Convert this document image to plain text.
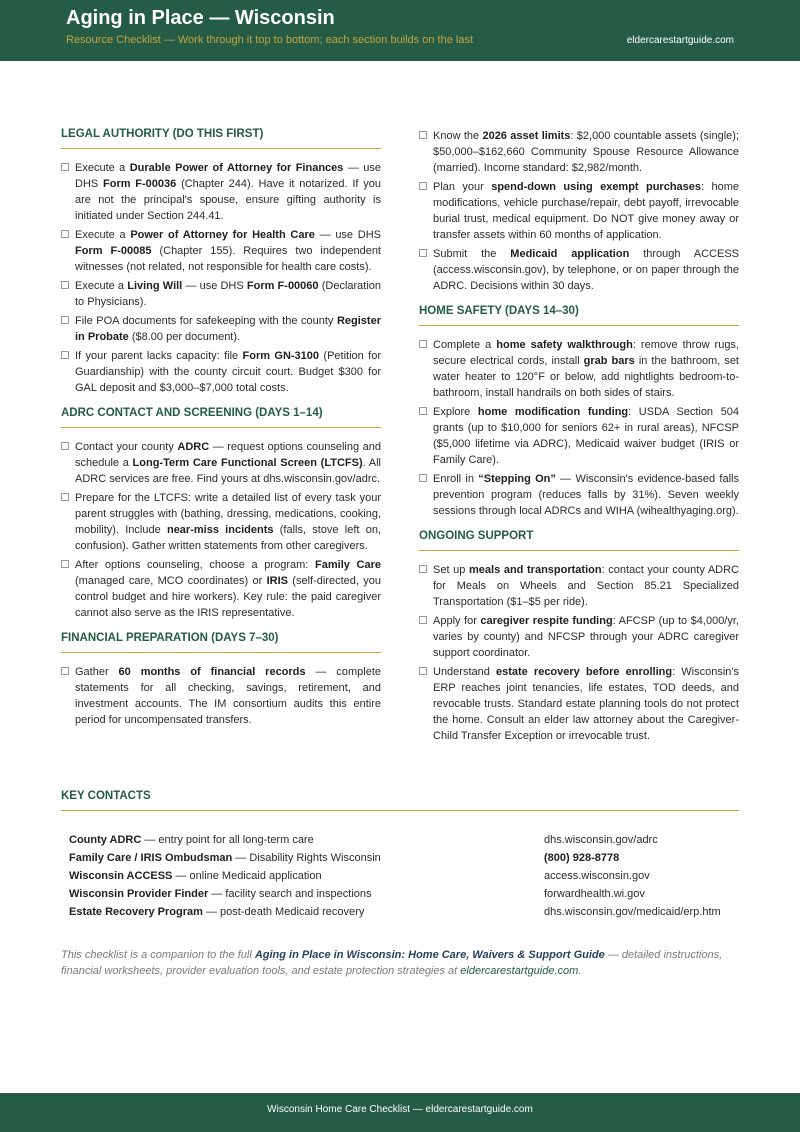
Aging in Place — Wisconsin
Resource Checklist — Work through it top to bottom; each section builds on the last	eldercarestartguide.com
LEGAL AUTHORITY (DO THIS FIRST)
Execute a Durable Power of Attorney for Finances — use DHS Form F-00036 (Chapter 244). Have it notarized. If you are not the principal's spouse, ensure gifting authority is initiated under Section 244.41.
Execute a Power of Attorney for Health Care — use DHS Form F-00085 (Chapter 155). Requires two independent witnesses (not related, not responsible for health care costs).
Execute a Living Will — use DHS Form F-00060 (Declaration to Physicians).
File POA documents for safekeeping with the county Register in Probate ($8.00 per document).
If your parent lacks capacity: file Form GN-3100 (Petition for Guardianship) with the county circuit court. Budget $300 for GAL deposit and $3,000–$7,000 total costs.
ADRC CONTACT AND SCREENING (DAYS 1–14)
Contact your county ADRC — request options counseling and schedule a Long-Term Care Functional Screen (LTCFS). All ADRC services are free. Find yours at dhs.wisconsin.gov/adrc.
Prepare for the LTCFS: write a detailed list of every task your parent struggles with (bathing, dressing, medications, cooking, mobility). Include near-miss incidents (falls, stove left on, confusion). Gather written statements from other caregivers.
After options counseling, choose a program: Family Care (managed care, MCO coordinates) or IRIS (self-directed, you control budget and hire workers). Key rule: the paid caregiver cannot also serve as the IRIS representative.
FINANCIAL PREPARATION (DAYS 7–30)
Gather 60 months of financial records — complete statements for all checking, savings, retirement, and investment accounts. The IM consortium audits this entire period for uncompensated transfers.
Know the 2026 asset limits: $2,000 countable assets (single); $50,000–$162,660 Community Spouse Resource Allowance (married). Income standard: $2,982/month.
Plan your spend-down using exempt purchases: home modifications, vehicle purchase/repair, debt payoff, irrevocable burial trust, medical equipment. Do NOT give money away or transfer assets within 60 months of application.
Submit the Medicaid application through ACCESS (access.wisconsin.gov), by telephone, or on paper through the ADRC. Decisions within 30 days.
HOME SAFETY (DAYS 14–30)
Complete a home safety walkthrough: remove throw rugs, secure electrical cords, install grab bars in the bathroom, set water heater to 120°F or below, add nightlights bedroom-to-bathroom, install handrails on both sides of stairs.
Explore home modification funding: USDA Section 504 grants (up to $10,000 for seniors 62+ in rural areas), NFCSP ($5,000 lifetime via ADRC), Medicaid waiver budget (IRIS or Family Care).
Enroll in “Stepping On” — Wisconsin's evidence-based falls prevention program (reduces falls by 31%). Seven weekly sessions through local ADRCs and WIHA (wihealthyaging.org).
ONGOING SUPPORT
Set up meals and transportation: contact your county ADRC for Meals on Wheels and Section 85.21 Specialized Transportation ($1–$5 per ride).
Apply for caregiver respite funding: AFCSP (up to $4,000/yr, varies by county) and NFCSP through your ADRC caregiver support coordinator.
Understand estate recovery before enrolling: Wisconsin's ERP reaches joint tenancies, life estates, TOD deeds, and revocable trusts. Standard estate planning tools do not protect the home. Consult an elder law attorney about the Caregiver-Child Transfer Exception or irrevocable trust.
KEY CONTACTS
County ADRC — entry point for all long-term care	dhs.wisconsin.gov/adrc
Family Care / IRIS Ombudsman — Disability Rights Wisconsin	(800) 928-8778
Wisconsin ACCESS — online Medicaid application	access.wisconsin.gov
Wisconsin Provider Finder — facility search and inspections	forwardhealth.wi.gov
Estate Recovery Program — post-death Medicaid recovery	dhs.wisconsin.gov/medicaid/erp.htm
This checklist is a companion to the full Aging in Place in Wisconsin: Home Care, Waivers & Support Guide — detailed instructions, financial worksheets, provider evaluation tools, and estate protection strategies at eldercarestartguide.com.
Wisconsin Home Care Checklist — eldercarestartguide.com
